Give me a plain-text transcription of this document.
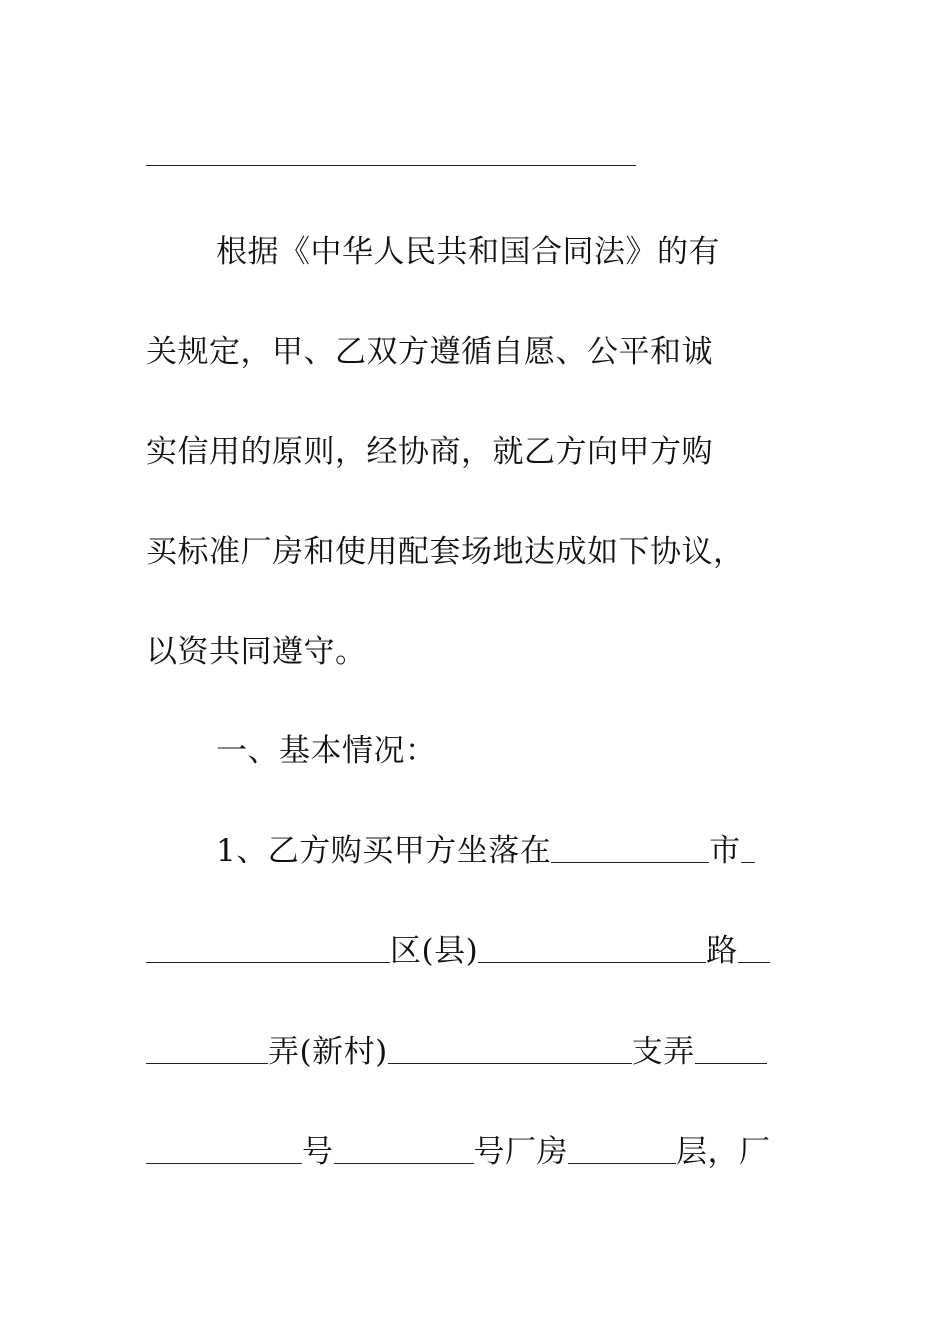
根据《中华人民共和国合同法》的有
关规定，甲、乙双方遵循自愿、公平和诚
实信用的原则，经协商，就乙方向甲方购
买标准厂房和使用配套场地达成如下协议，
以资共同遵守。
一、基本情况：
1、乙方购买甲方坐落在	市
区(县)	路
弄(新村)	支弄
号	号厂房	层，厂
